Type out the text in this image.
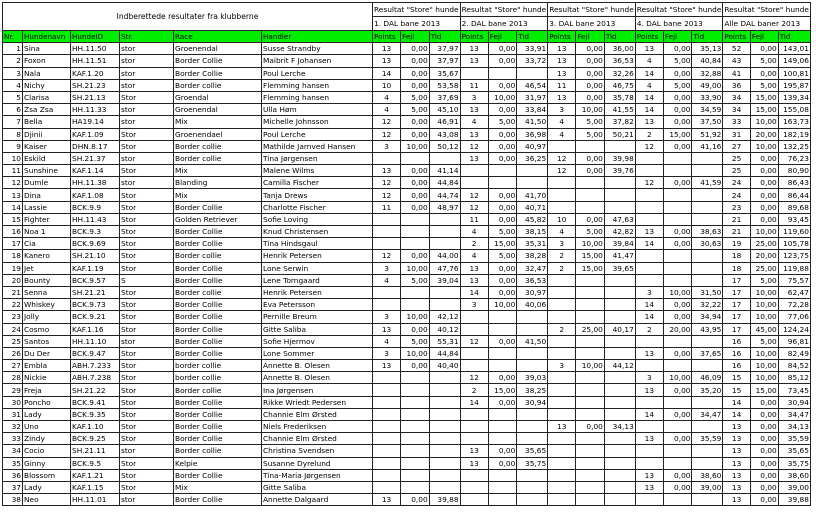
Indberettede resultater fra klubberne						Resultat "Store" hunde			Resultat "Store" hunde			Resultat "Store" hunde			Resultat "Store" hunde			Resultat "Store" hunde		
						1. DAL bane 2013			2. DAL bane 2013			3. DAL bane 2013			4. DAL bane 2013			Alle DAL baner 2013		
Nr.	Hundenavn	HundeID	Str.	Race	Handler	Points	Fejl	Tid	Points	Fejl	Tid	Points	Fejl	Tid	Points	Fejl	Tid	Points	Fejl	Tid
1	Sina	HH.11.50	stor	Groenendal	Susse Strandby	13	0,00	37,97	13	0,00	33,91	13	0,00	36,00	13	0,00	35,13	52	0,00	143,01
2	Foxon	HH.11.51	stor	Border Collie	Maibrit F Johansen	13	0,00	37,97	13	0,00	33,72	13	0,00	36,53	4	5,00	40,84	43	5,00	149,06
3	Nala	KAF.1.20	stor	Border Collie	Poul Lerche	14	0,00	35,67				13	0,00	32,26	14	0,00	32,88	41	0,00	100,81
4	Nichy	SH.21.23	stor	Border collie	Flemming hansen	10	0,00	53,58	11	0,00	46,54	11	0,00	46,75	4	5,00	49,00	36	5,00	195,87
5	Clarisa	SH.21.13	Stor	Groendal	Flemming hansen	4	5,00	37,69	3	10,00	31,97	13	0,00	35,78	14	0,00	33,90	34	15,00	139,34
6	Zsa Zsa	HH.11.33	stor	Groenendal	Ulla Høm	4	5,00	45,10	13	0,00	33,84	3	10,00	41,55	14	0,00	34,59	34	15,00	155,08
7	Bella	HA19.14	stor	Mix	Michelle Johnsson	12	0,00	46,91	4	5,00	41,50	4	5,00	37,82	13	0,00	37,50	33	10,00	163,73
8	Djinii	KAF.1.09	Stor	Groenendael	Poul Lerche	12	0,00	43,08	13	0,00	36,98	4	5,00	50,21	2	15,00	51,92	31	20,00	182,19
9	Kaiser	DHN.8.17	Stor	Border collie	Mathilde Jarnved Hansen	3	10,00	50,12	12	0,00	40,97				12	0,00	41,16	27	10,00	132,25
10	Eskild	SH.21.37	stor	Border collie	Tina Jørgensen				13	0,00	36,25	12	0,00	39,98				25	0,00	76,23
11	Sunshine	KAF.1.14	Stor	Mix	Malene Wilms	13	0,00	41,14				12	0,00	39,76				25	0,00	80,90
12	Dumle	HH.11.38	stor	Blanding	Camilla Fischer	12	0,00	44,84							12	0,00	41,59	24	0,00	86,43
13	Dina	KAF.1.08	Stor	Mix	Tanja Drews	12	0,00	44,74	12	0,00	41,70							24	0,00	86,44
14	Lassie	BCK.9.9	Stor	Border Collie	Charlotte Fischer	11	0,00	48,97	12	0,00	40,71							23	0,00	89,68
15	Fighter	HH.11.43	Stor	Golden Retriever	Sofie Loving				11	0,00	45,82	10	0,00	47,63				21	0,00	93,45
16	Noa 1	BCK.9.3	Stor	Border Collie	Knud Christensen				4	5,00	38,15	4	5,00	42,82	13	0,00	38,63	21	10,00	119,60
17	Cia	BCK.9.69	Stor	Border Collie	Tina Hindsgaul				2	15,00	35,31	3	10,00	39,84	14	0,00	30,63	19	25,00	105,78
18	Kanero	SH.21.10	Stor	Border collie	Henrik Petersen	12	0,00	44,00	4	5,00	38,28	2	15,00	41,47				18	20,00	123,75
19	Jet	KAF.1.19	Stor	Border Collie	Lone Serwin	3	10,00	47,76	13	0,00	32,47	2	15,00	39,65				18	25,00	119,88
20	Bounty	BCK.9.57	S	Border Collie	Lene Torngaard	4	5,00	39,04	13	0,00	36,53							17	5,00	75,57
21	Senna	SH.21.21	Stor	Border collie	Henrik Petersen				14	0,00	30,97				3	10,00	31,50	17	10,00	62,47
22	Whiskey	BCK.9.73	Stor	Border Collie	Eva Petersson				3	10,00	40,06				14	0,00	32,22	17	10,00	72,28
23	Jolly	BCK.9.21	Stor	Border Collie	Pernille Breum	3	10,00	42,12							14	0,00	34,94	17	10,00	77,06
24	Cosmo	KAF.1.16	Stor	Border Collie	Gitte Saliba	13	0,00	40,12				2	25,00	40,17	2	20,00	43,95	17	45,00	124,24
25	Santos	HH.11.10	stor	Border Collie	Sofie Hjermov	4	5,00	55,31	12	0,00	41,50							16	5,00	96,81
26	Du Der	BCK.9.47	Stor	Border Collie	Lone Sommer	3	10,00	44,84							13	0,00	37,65	16	10,00	82,49
27	Embla	ABH.7.233	Stor	border collie	Annette B. Olesen	13	0,00	40,40				3	10,00	44,12				16	10,00	84,52
28	Nickie	ABH.7.238	Stor	border collie	Annette B. Olesen				12	0,00	39,03				3	10,00	46,09	15	10,00	85,12
29	Freja	SH.21.22	Stor	Border collie	Ina Jørgensen				2	15,00	38,25				13	0,00	35,20	15	15,00	73,45
30	Poncho	BCK.9.41	Stor	Border Collie	Rikke Wriedt Pedersen				14	0,00	30,94							14	0,00	30,94
31	Lady	BCK.9.35	Stor	Border Collie	Channie Elm Ørsted										14	0,00	34,47	14	0,00	34,47
32	Uno	KAF.1.10	Stor	Border Collie	Niels Frederiksen							13	0,00	34,13				13	0,00	34,13
33	Zindy	BCK.9.25	Stor	Border Collie	Channie Elm Ørsted										13	0,00	35,59	13	0,00	35,59
34	Cocio	SH.21.11	stor	Border collie	Christina Svendsen				13	0,00	35,65							13	0,00	35,65
35	Ginny	BCK.9.5	Stor	Kelpie	Susanne Dyrelund				13	0,00	35,75							13	0,00	35,75
36	Blossom	KAF.1.21	Stor	Border Collie	Tina-Maria Jørgensen										13	0,00	38,60	13	0,00	38,60
37	Lady	KAF.1.15	Stor	Mix	Gitte Saliba										13	0,00	39,00	13	0,00	39,00
38	Neo	HH.11.01	stor	Border Collie	Annette Dalgaard	13	0,00	39,88										13	0,00	39,88
